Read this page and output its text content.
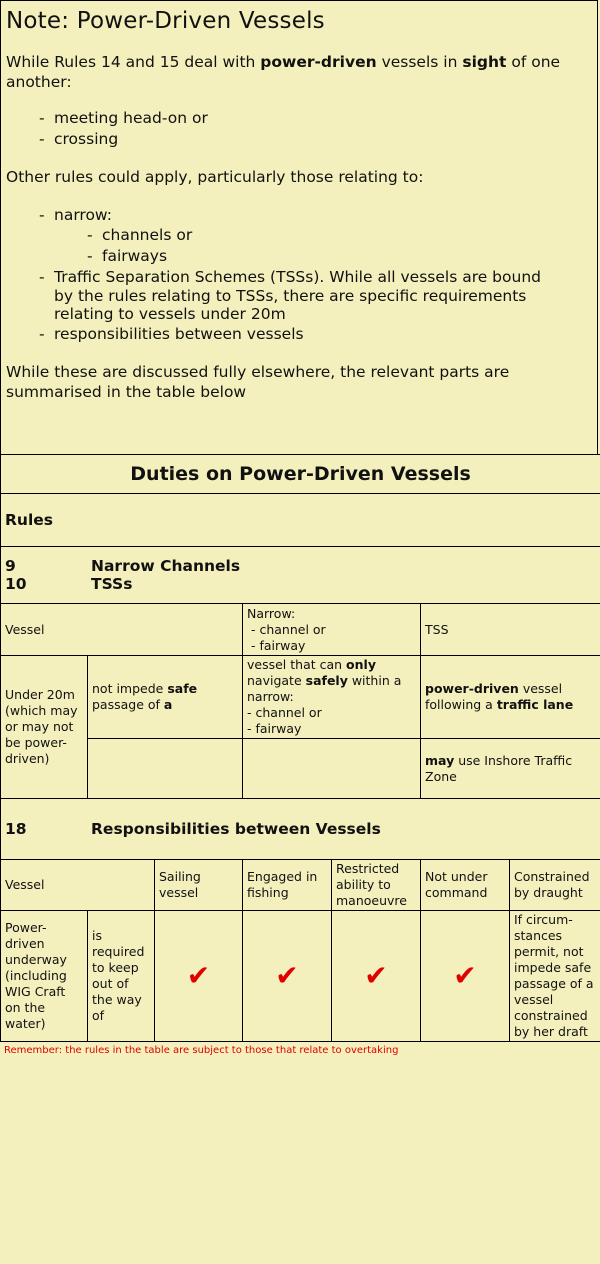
Note: Power-Driven Vessels
While Rules 14 and 15 deal with power-driven vessels in sight of one another:
- meeting head-on or
- crossing
Other rules could apply, particularly those relating to:
- narrow:
- channels or
- fairways
- Traffic Separation Schemes (TSSs). While all vessels are bound
by the rules relating to TSSs, there are specific requirements
relating to vessels under 20m
- responsibilities between vessels
While these are discussed fully elsewhere, the relevant parts are summarised in the table below
Duties on Power-Driven Vessels						
Rules						

9 Narrow Channels
10 TSSs						

Vessel			Narrow:
- channel or
- fairway		TSS	
Under 20m (which may or may not be power-driven)	not impede safe passage of a		vessel that can only navigate safely within a narrow:
- channel or
- fairway		power-driven vessel following a traffic lane	
					may use Inshore Traffic Zone	
18 Responsibilities between Vessels						
Vessel		Sailing vessel	Engaged in fishing	Restricted ability to manoeuvre	Not under command	Constrained by draught
Power-driven underway (including WIG Craft on the water)	is required to keep out of the way of	✔	✔	✔	✔	If circum-stances permit, not impede safe passage of a vessel constrained by her draft
Remember: the rules in the table are subject to those that relate to overtaking
